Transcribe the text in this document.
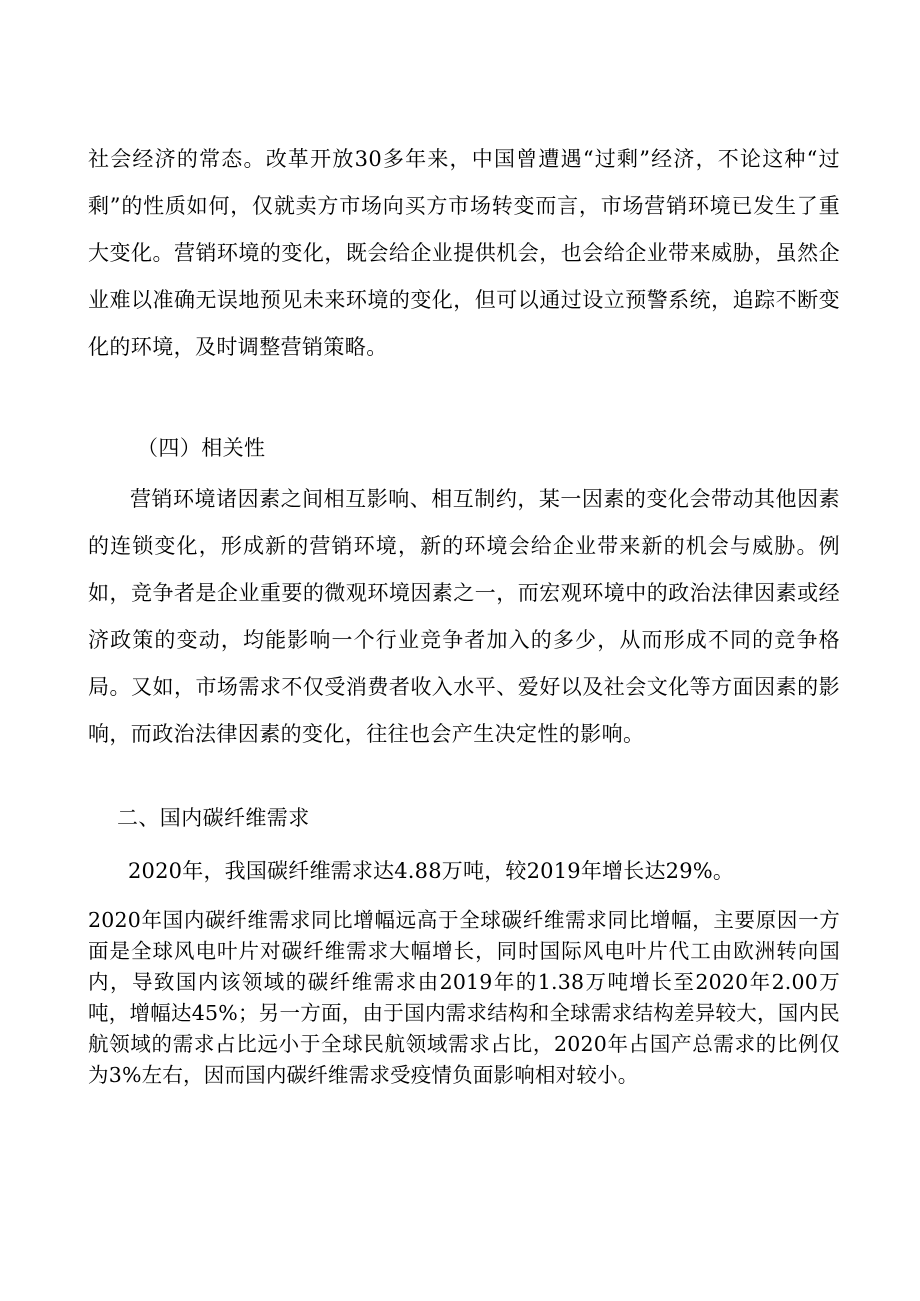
社会经济的常态。改革开放30多年来，中国曾遭遇“过剩”经济，不论这种“过剩”的性质如何，仅就卖方市场向买方市场转变而言，市场营销环境已发生了重大变化。营销环境的变化，既会给企业提供机会，也会给企业带来威胁，虽然企业难以准确无误地预见未来环境的变化，但可以通过设立预警系统，追踪不断变化的环境，及时调整营销策略。

（四）相关性

营销环境诸因素之间相互影响、相互制约，某一因素的变化会带动其他因素的连锁变化，形成新的营销环境，新的环境会给企业带来新的机会与威胁。例如，竞争者是企业重要的微观环境因素之一，而宏观环境中的政治法律因素或经济政策的变动，均能影响一个行业竞争者加入的多少，从而形成不同的竞争格局。又如，市场需求不仅受消费者收入水平、爱好以及社会文化等方面因素的影响，而政治法律因素的变化，往往也会产生决定性的影响。

二、国内碳纤维需求

2020年，我国碳纤维需求达4.88万吨，较2019年增长达29%。

2020年国内碳纤维需求同比增幅远高于全球碳纤维需求同比增幅，主要原因一方面是全球风电叶片对碳纤维需求大幅增长，同时国际风电叶片代工由欧洲转向国内，导致国内该领域的碳纤维需求由2019年的1.38万吨增长至2020年2.00万吨，增幅达45%；另一方面，由于国内需求结构和全球需求结构差异较大，国内民航领域的需求占比远小于全球民航领域需求占比，2020年占国产总需求的比例仅为3%左右，因而国内碳纤维需求受疫情负面影响相对较小。
